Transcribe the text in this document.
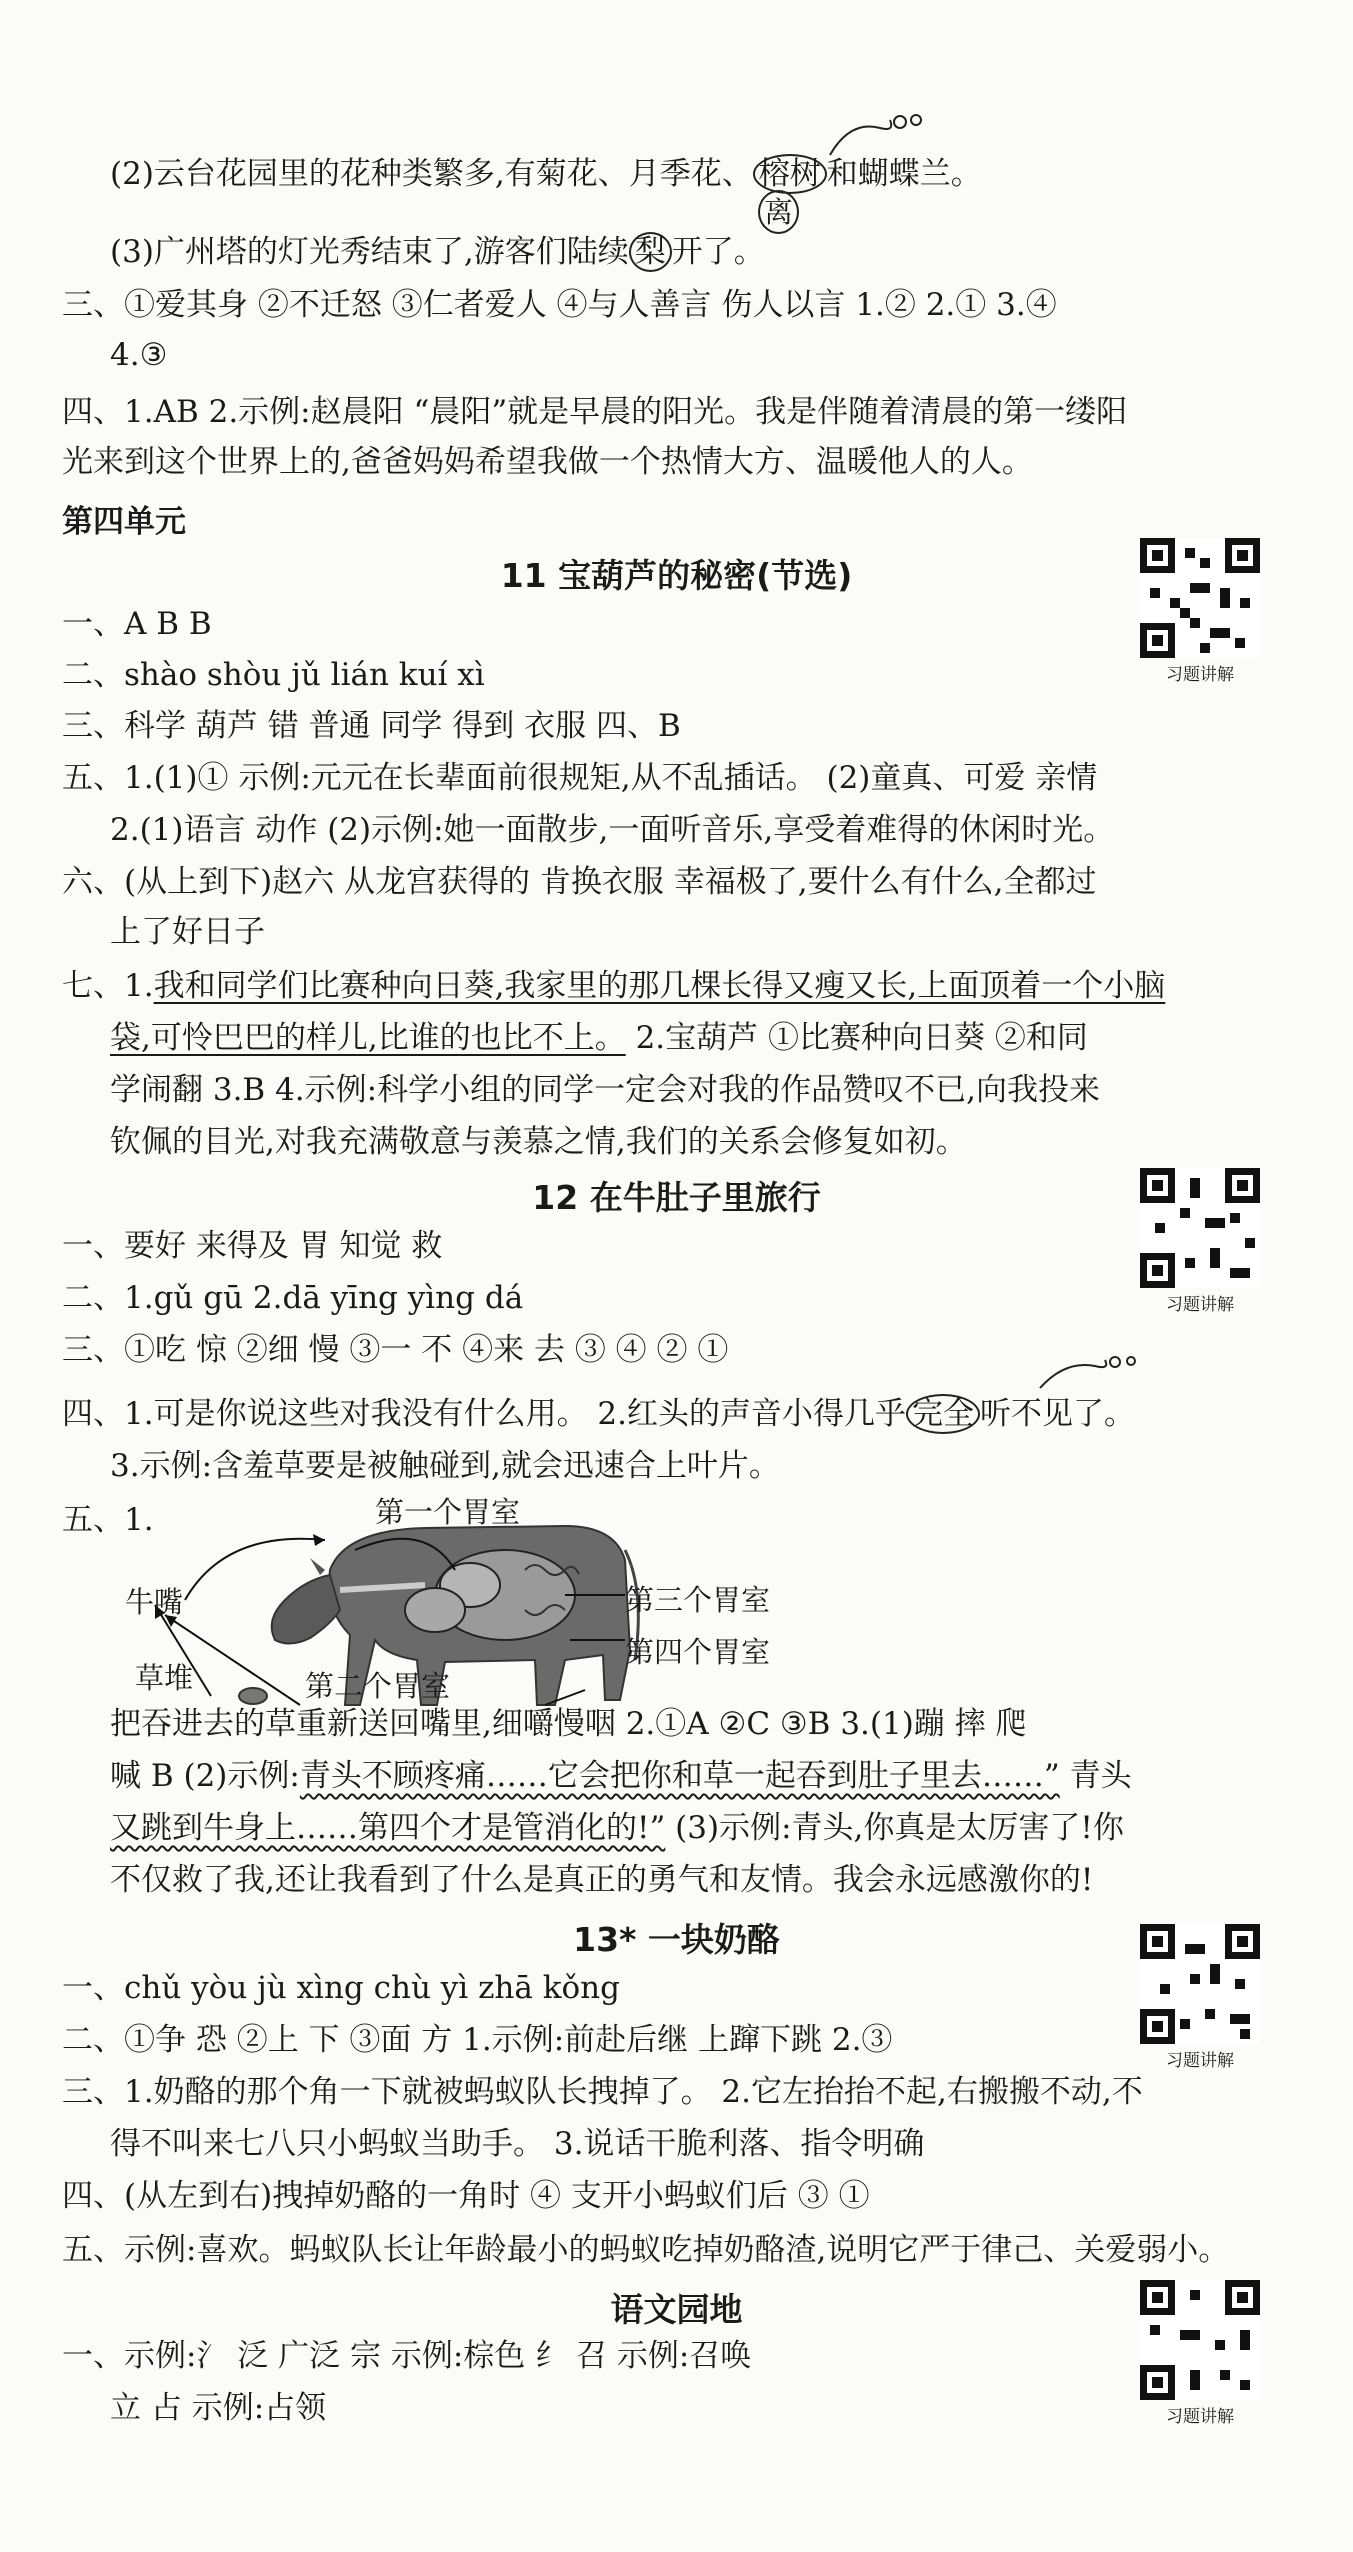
(2)云台花园里的花种类繁多,有菊花、月季花、 榕树 和蝴蝶兰。
离
(3)广州塔的灯光秀结束了,游客们陆续 梨 开了。
三、①爱其身 ②不迁怒 ③仁者爱人 ④与人善言 伤人以言 1.② 2.① 3.④
4.③
四、1.AB 2.示例:赵晨阳 “晨阳”就是早晨的阳光。我是伴随着清晨的第一缕阳
光来到这个世界上的,爸爸妈妈希望我做一个热情大方、温暖他人的人。
第四单元
11 宝葫芦的秘密(节选)
习题讲解
一、A B B
二、shào shòu jǔ lián kuí xì
三、科学 葫芦 错 普通 同学 得到 衣服 四、B
五、1.(1)① 示例:元元在长辈面前很规矩,从不乱插话。 (2)童真、可爱 亲情
2.(1)语言 动作 (2)示例:她一面散步,一面听音乐,享受着难得的休闲时光。
六、(从上到下)赵六 从龙宫获得的 肯换衣服 幸福极了,要什么有什么,全都过
上了好日子
七、1.我和同学们比赛种向日葵,我家里的那几棵长得又瘦又长,上面顶着一个小脑
袋,可怜巴巴的样儿,比谁的也比不上。 2.宝葫芦 ①比赛种向日葵 ②和同
学闹翻 3.B 4.示例:科学小组的同学一定会对我的作品赞叹不已,向我投来
钦佩的目光,对我充满敬意与羡慕之情,我们的关系会修复如初。
12 在牛肚子里旅行
习题讲解
一、要好 来得及 胃 知觉 救
二、1.gǔ gū 2.dā yīng yìng dá
三、①吃 惊 ②细 慢 ③一 不 ④来 去 ③ ④ ② ①
四、1.可是你说这些对我没有什么用。 2.红头的声音小得几乎 完全 听不见了。
3.示例:含羞草要是被触碰到,就会迅速合上叶片。
五、1.	第一个胃室
牛嘴	第三个胃室
第四个胃室
草堆	第二个胃室
把吞进去的草重新送回嘴里,细嚼慢咽 2.①A ②C ③B 3.(1)蹦 摔 爬
喊 B (2)示例:青头不顾疼痛……它会把你和草一起吞到肚子里去……” 青头
又跳到牛身上……第四个才是管消化的!” (3)示例:青头,你真是太厉害了!你
不仅救了我,还让我看到了什么是真正的勇气和友情。我会永远感激你的!
13* 一块奶酪
习题讲解
一、chǔ yòu jù xìng chù yì zhā kǒng
二、①争 恐 ②上 下 ③面 方 1.示例:前赴后继 上蹿下跳 2.③
三、1.奶酪的那个角一下就被蚂蚁队长拽掉了。 2.它左抬抬不起,右搬搬不动,不
得不叫来七八只小蚂蚁当助手。 3.说话干脆利落、指令明确
四、(从左到右)拽掉奶酪的一角时 ④ 支开小蚂蚁们后 ③ ①
五、示例:喜欢。蚂蚁队长让年龄最小的蚂蚁吃掉奶酪渣,说明它严于律己、关爱弱小。
语文园地
习题讲解
一、示例:氵 泛 广泛 宗 示例:棕色 纟 召 示例:召唤
立 占 示例:占领
